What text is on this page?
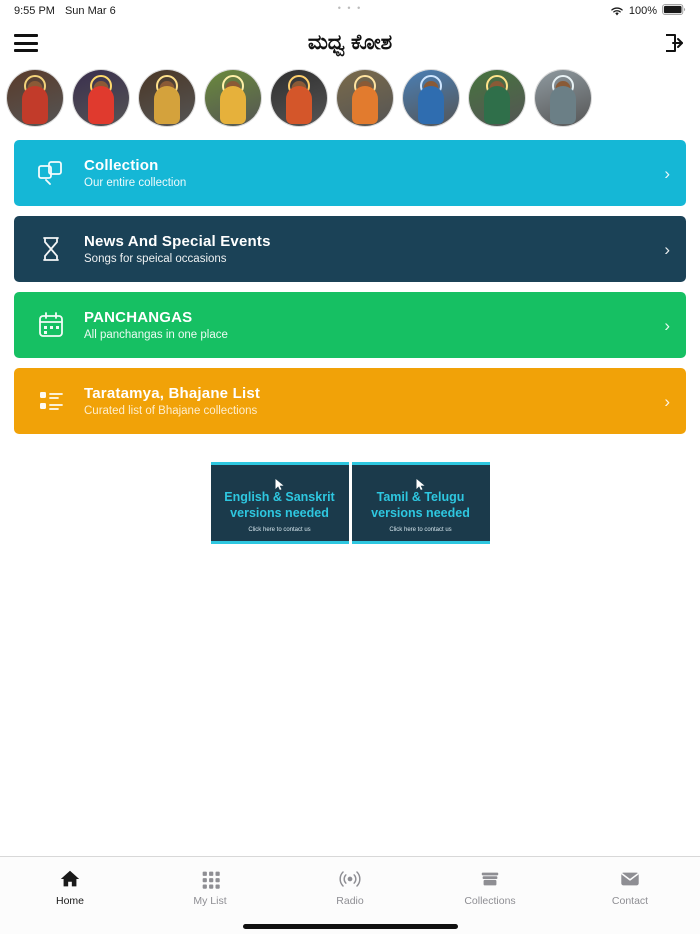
9:55 PM Sun Mar 6	• • •	100%
ಮಧ್ವ ಕೋಶ
Collection
Our entire collection
›
News And Special Events
Songs for speical occasions
›
PANCHANGAS
All panchangas in one place
›
Taratamya, Bhajane List
Curated list of Bhajane collections
›
English & Sanskrit
versions needed
Click here to contact us
Tamil & Telugu
versions needed
Click here to contact us
Home	My List	Radio	Collections	Contact
